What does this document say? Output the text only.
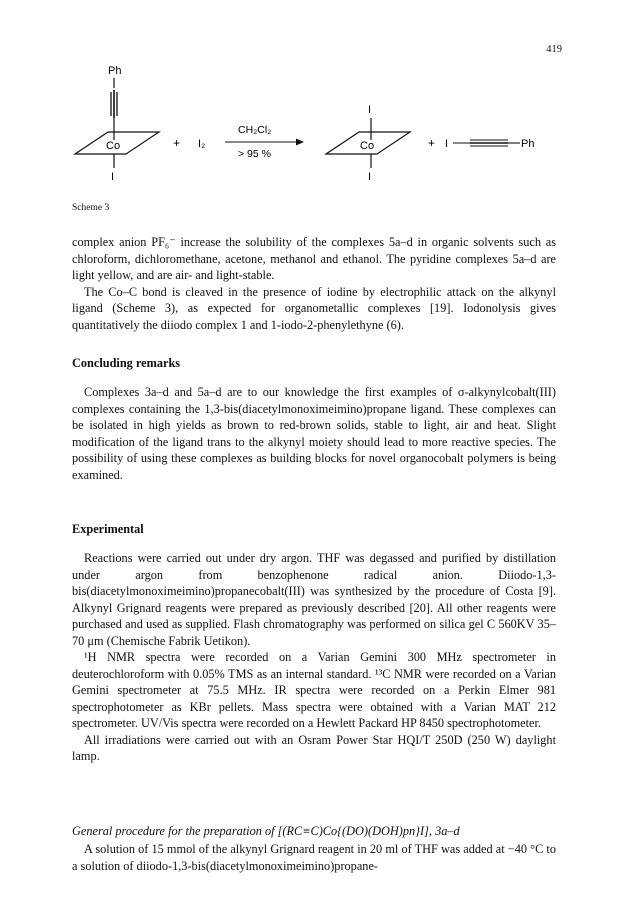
419
Ph
Co
I
+ I₂
CH₂Cl₂
> 95 %
I
Co
I
+ I	Ph
Scheme 3

complex anion PF₆⁻ increase the solubility of the complexes 5a–d in organic solvents such as chloroform, dichloromethane, acetone, methanol and ethanol. The pyridine complexes 5a–d are light yellow, and are air- and light-stable.

The Co–C bond is cleaved in the presence of iodine by electrophilic attack on the alkynyl ligand (Scheme 3), as expected for organometallic complexes [19]. Iodonolysis gives quantitatively the diiodo complex 1 and 1-iodo-2-phenylethyne (6).

Concluding remarks

Complexes 3a–d and 5a–d are to our knowledge the first examples of σ-alkynylcobalt(III) complexes containing the 1,3-bis(diacetylmonoximeimino)propane ligand. These complexes can be isolated in high yields as brown to red-brown solids, stable to light, air and heat. Slight modification of the ligand trans to the alkynyl moiety should lead to more reactive species. The possibility of using these complexes as building blocks for novel organocobalt polymers is being examined.

Experimental

Reactions were carried out under dry argon. THF was degassed and purified by distillation under argon from benzophenone radical anion. Diiodo-1,3-bis(diacetylmonoximeimino)propanecobalt(III) was synthesized by the procedure of Costa [9]. Alkynyl Grignard reagents were prepared as previously described [20]. All other reagents were purchased and used as supplied. Flash chromatography was performed on silica gel C 560KV 35–70 μm (Chemische Fabrik Uetikon).

¹H NMR spectra were recorded on a Varian Gemini 300 MHz spectrometer in deuterochloroform with 0.05% TMS as an internal standard. ¹³C NMR were recorded on a Varian Gemini spectrometer at 75.5 MHz. IR spectra were recorded on a Perkin Elmer 981 spectrophotometer as KBr pellets. Mass spectra were obtained with a Varian MAT 212 spectrometer. UV/Vis spectra were recorded on a Hewlett Packard HP 8450 spectrophotometer.

All irradiations were carried out with an Osram Power Star HQI/T 250D (250 W) daylight lamp.

General procedure for the preparation of [(RC≡C)Co{(DO)(DOH)pn}I], 3a–d

A solution of 15 mmol of the alkynyl Grignard reagent in 20 ml of THF was added at −40 °C to a solution of diiodo-1,3-bis(diacetylmonoximeimino)propane-
